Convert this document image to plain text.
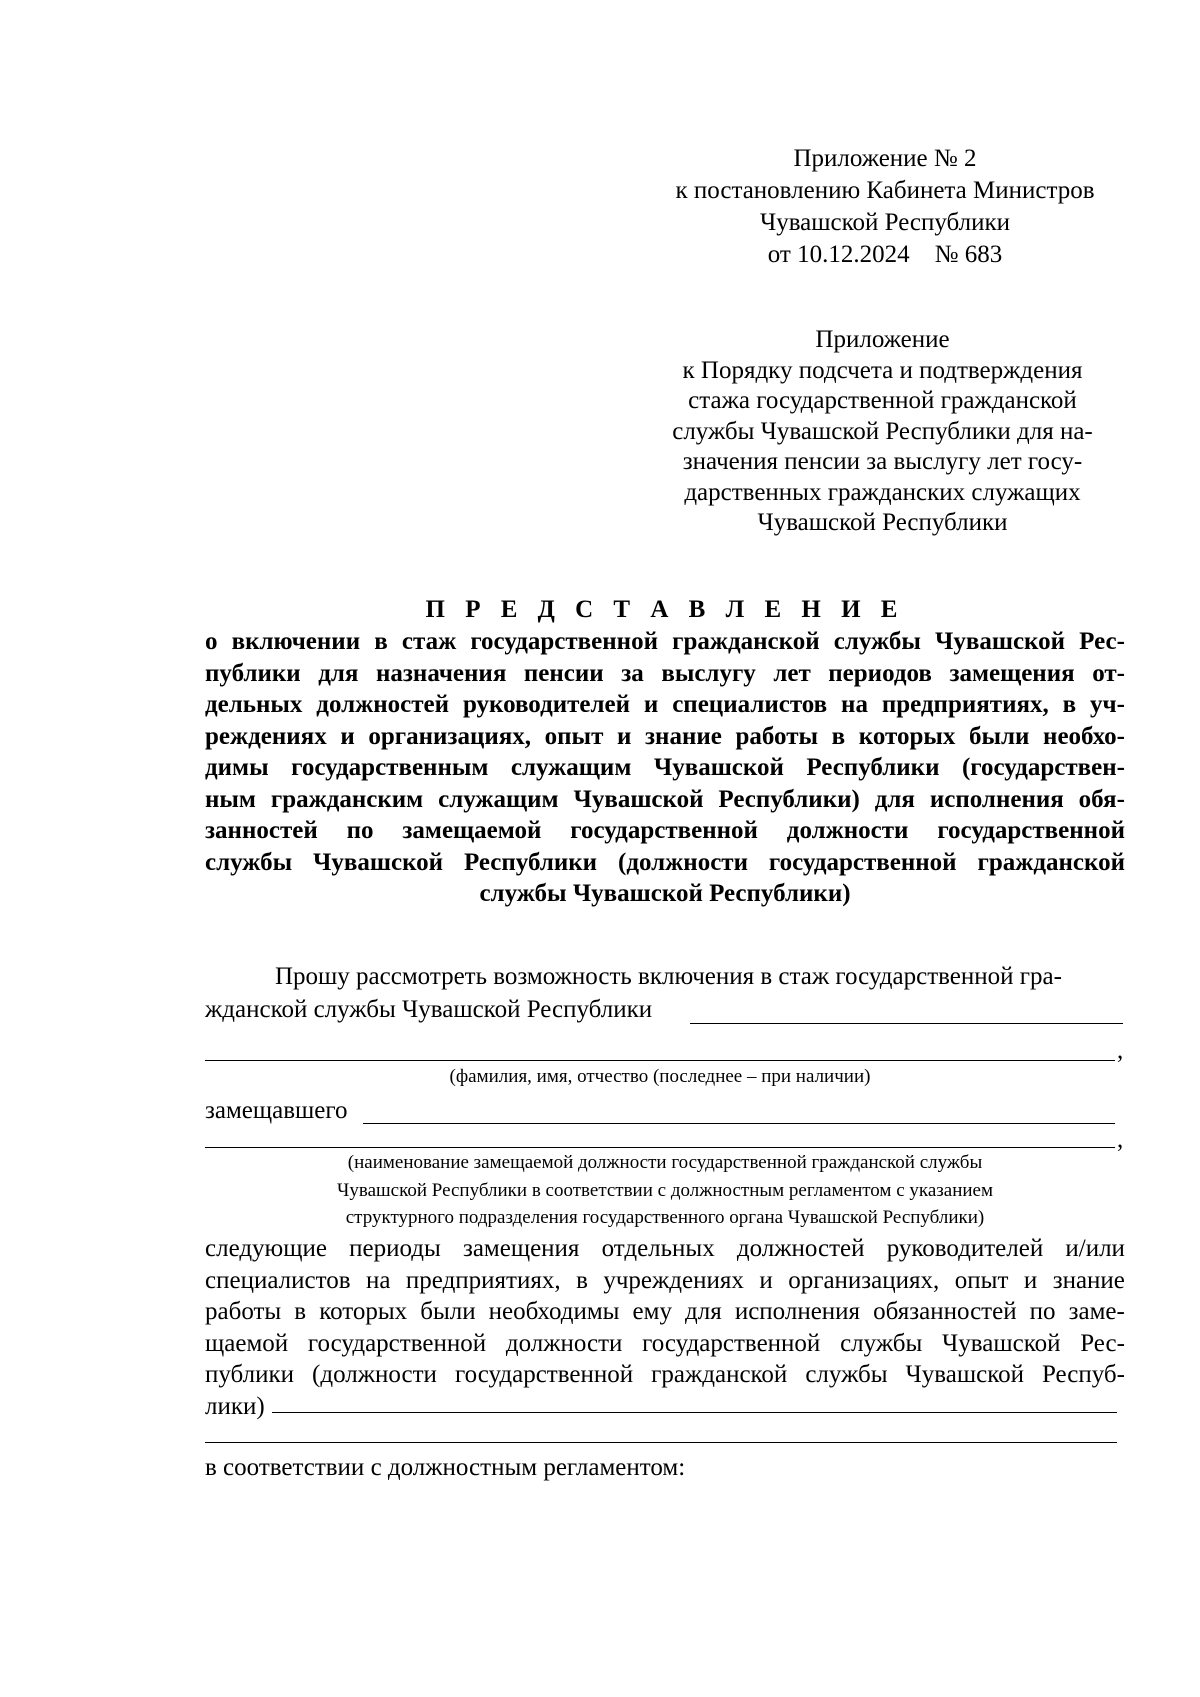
Приложение № 2
к постановлению Кабинета Министров
Чувашской Республики
от 10.12.2024    № 683
Приложение
к Порядку подсчета и подтверждения
стажа государственной гражданской
службы Чувашской Республики для на-
значения пенсии за выслугу лет госу-
дарственных гражданских служащих
Чувашской Республики
П Р Е Д С Т А В Л Е Н И Е
о включении в стаж государственной гражданской службы Чувашской Рес-
публики для назначения пенсии за выслугу лет периодов замещения от-
дельных должностей руководителей и специалистов на предприятиях, в уч-
реждениях и организациях, опыт и знание работы в которых были необхо-
димы государственным служащим Чувашской Республики (государствен-
ным гражданским служащим Чувашской Республики) для исполнения обя-
занностей по замещаемой государственной должности государственной
службы Чувашской Республики (должности государственной гражданской
службы Чувашской Республики)
Прошу рассмотреть возможность включения в стаж государственной гра-
жданской службы Чувашской Республики
,
(фамилия, имя, отчество (последнее – при наличии)
замещавшего
,
(наименование замещаемой должности государственной гражданской службы
Чувашской Республики в соответствии с должностным регламентом с указанием
структурного подразделения государственного органа Чувашской Республики)
следующие периоды замещения отдельных должностей руководителей и/или
специалистов на предприятиях, в учреждениях и организациях, опыт и знание
работы в которых были необходимы ему для исполнения обязанностей по заме-
щаемой государственной должности государственной службы Чувашской Рес-
публики (должности государственной гражданской службы Чувашской Респуб-
лики)
в соответствии с должностным регламентом:
